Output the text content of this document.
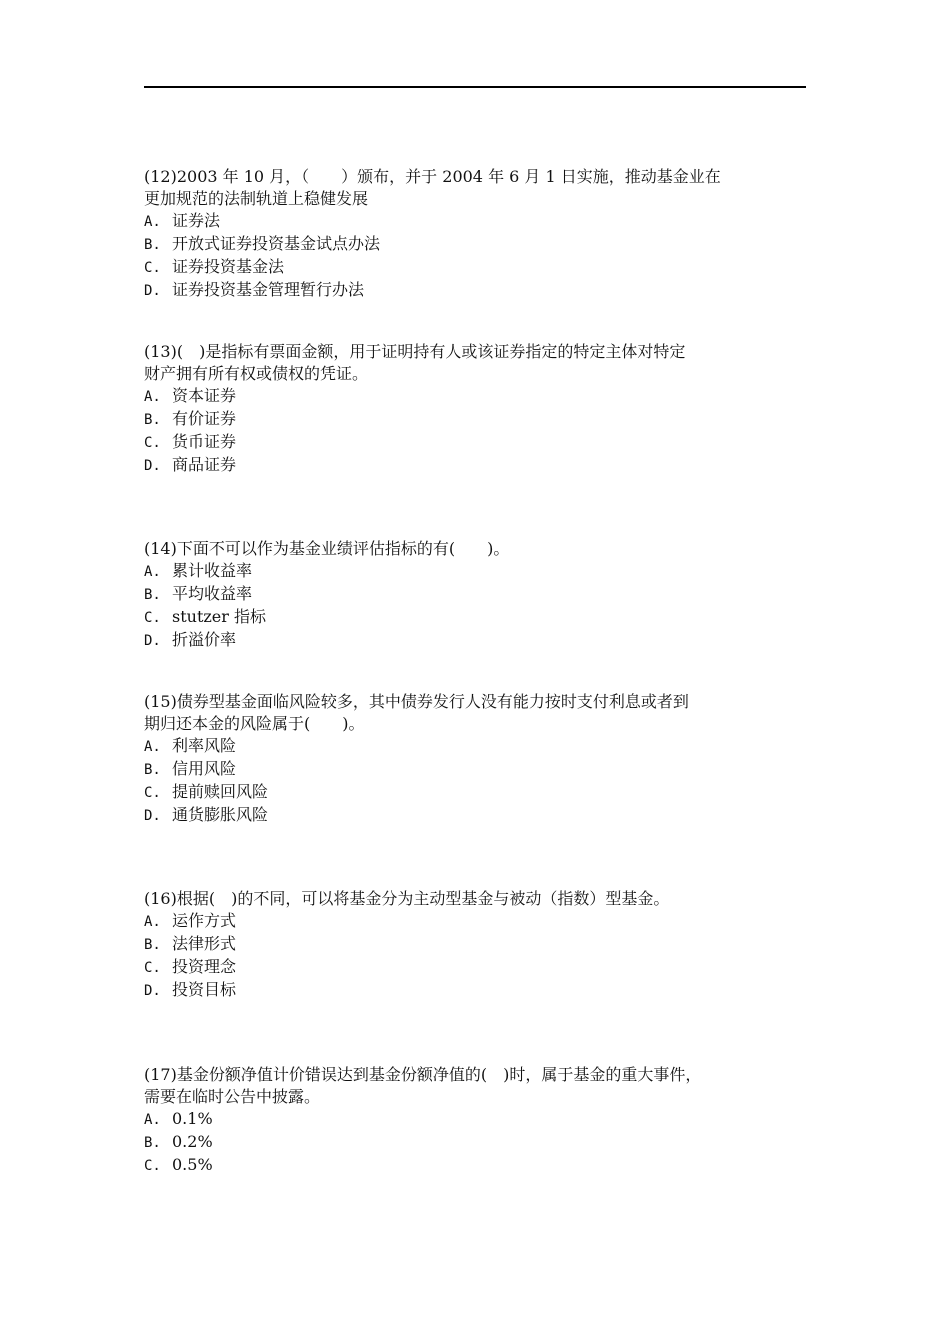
(12)2003 年 10 月，（　　）颁布，并于 2004 年 6 月 1 日实施，推动基金业在

更加规范的法制轨道上稳健发展

A. 证券法

B. 开放式证券投资基金试点办法

C. 证券投资基金法

D. 证券投资基金管理暂行办法

(13)(　)是指标有票面金额，用于证明持有人或该证券指定的特定主体对特定

财产拥有所有权或债权的凭证。

A. 资本证券

B. 有价证券

C. 货币证券

D. 商品证券

(14)下面不可以作为基金业绩评估指标的有(　　)。

A. 累计收益率

B. 平均收益率

C. stutzer 指标

D. 折溢价率

(15)债券型基金面临风险较多，其中债券发行人没有能力按时支付利息或者到

期归还本金的风险属于(　　)。

A. 利率风险

B. 信用风险

C. 提前赎回风险

D. 通货膨胀风险

(16)根据(　)的不同，可以将基金分为主动型基金与被动（指数）型基金。

A. 运作方式

B. 法律形式

C. 投资理念

D. 投资目标

(17)基金份额净值计价错误达到基金份额净值的(　)时，属于基金的重大事件，

需要在临时公告中披露。

A. 0.1%

B. 0.2%

C. 0.5%
